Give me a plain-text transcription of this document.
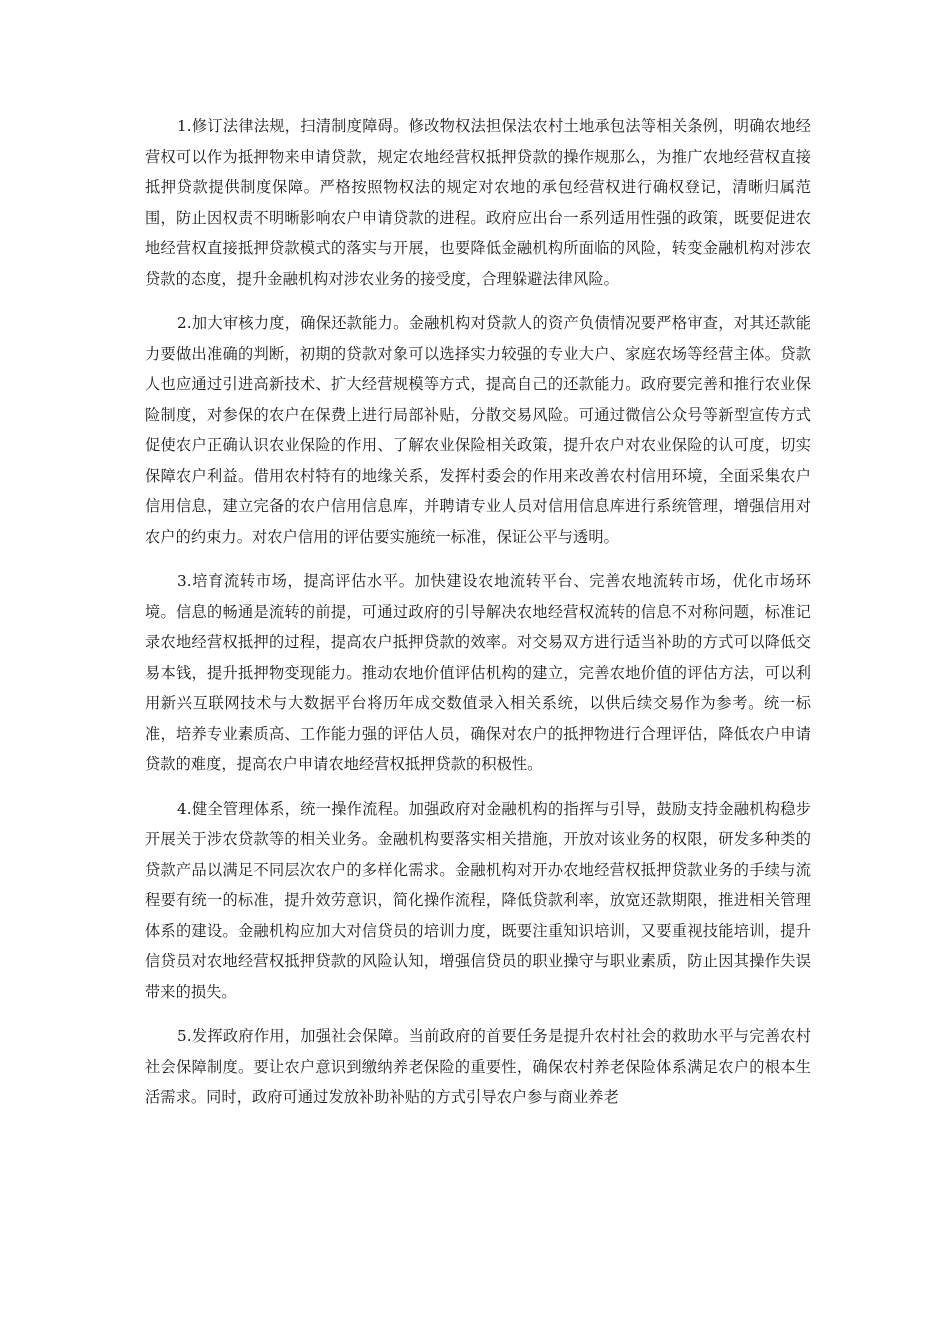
1.修订法律法规，扫清制度障碍。修改物权法担保法农村土地承包法等相关条例，明确农地经营权可以作为抵押物来申请贷款，规定农地经营权抵押贷款的操作规那么，为推广农地经营权直接抵押贷款提供制度保障。严格按照物权法的规定对农地的承包经营权进行确权登记，清晰归属范围，防止因权责不明晰影响农户申请贷款的进程。政府应出台一系列适用性强的政策，既要促进农地经营权直接抵押贷款模式的落实与开展，也要降低金融机构所面临的风险，转变金融机构对涉农贷款的态度，提升金融机构对涉农业务的接受度，合理躲避法律风险。

2.加大审核力度，确保还款能力。金融机构对贷款人的资产负债情况要严格审查，对其还款能力要做出准确的判断，初期的贷款对象可以选择实力较强的专业大户、家庭农场等经营主体。贷款人也应通过引进高新技术、扩大经营规模等方式，提高自己的还款能力。政府要完善和推行农业保险制度，对参保的农户在保费上进行局部补贴，分散交易风险。可通过微信公众号等新型宣传方式促使农户正确认识农业保险的作用、了解农业保险相关政策，提升农户对农业保险的认可度，切实保障农户利益。借用农村特有的地缘关系，发挥村委会的作用来改善农村信用环境，全面采集农户信用信息，建立完备的农户信用信息库，并聘请专业人员对信用信息库进行系统管理，增强信用对农户的约束力。对农户信用的评估要实施统一标准，保证公平与透明。

3.培育流转市场，提高评估水平。加快建设农地流转平台、完善农地流转市场，优化市场环境。信息的畅通是流转的前提，可通过政府的引导解决农地经营权流转的信息不对称问题，标准记录农地经营权抵押的过程，提高农户抵押贷款的效率。对交易双方进行适当补助的方式可以降低交易本钱，提升抵押物变现能力。推动农地价值评估机构的建立，完善农地价值的评估方法，可以利用新兴互联网技术与大数据平台将历年成交数值录入相关系统，以供后续交易作为参考。统一标准，培养专业素质高、工作能力强的评估人员，确保对农户的抵押物进行合理评估，降低农户申请贷款的难度，提高农户申请农地经营权抵押贷款的积极性。

4.健全管理体系，统一操作流程。加强政府对金融机构的指挥与引导，鼓励支持金融机构稳步开展关于涉农贷款等的相关业务。金融机构要落实相关措施，开放对该业务的权限，研发多种类的贷款产品以满足不同层次农户的多样化需求。金融机构对开办农地经营权抵押贷款业务的手续与流程要有统一的标准，提升效劳意识，简化操作流程，降低贷款利率，放宽还款期限，推进相关管理体系的建设。金融机构应加大对信贷员的培训力度，既要注重知识培训，又要重视技能培训，提升信贷员对农地经营权抵押贷款的风险认知，增强信贷员的职业操守与职业素质，防止因其操作失误带来的损失。

5.发挥政府作用，加强社会保障。当前政府的首要任务是提升农村社会的救助水平与完善农村社会保障制度。要让农户意识到缴纳养老保险的重要性，确保农村养老保险体系满足农户的根本生活需求。同时，政府可通过发放补助补贴的方式引导农户参与商业养老
